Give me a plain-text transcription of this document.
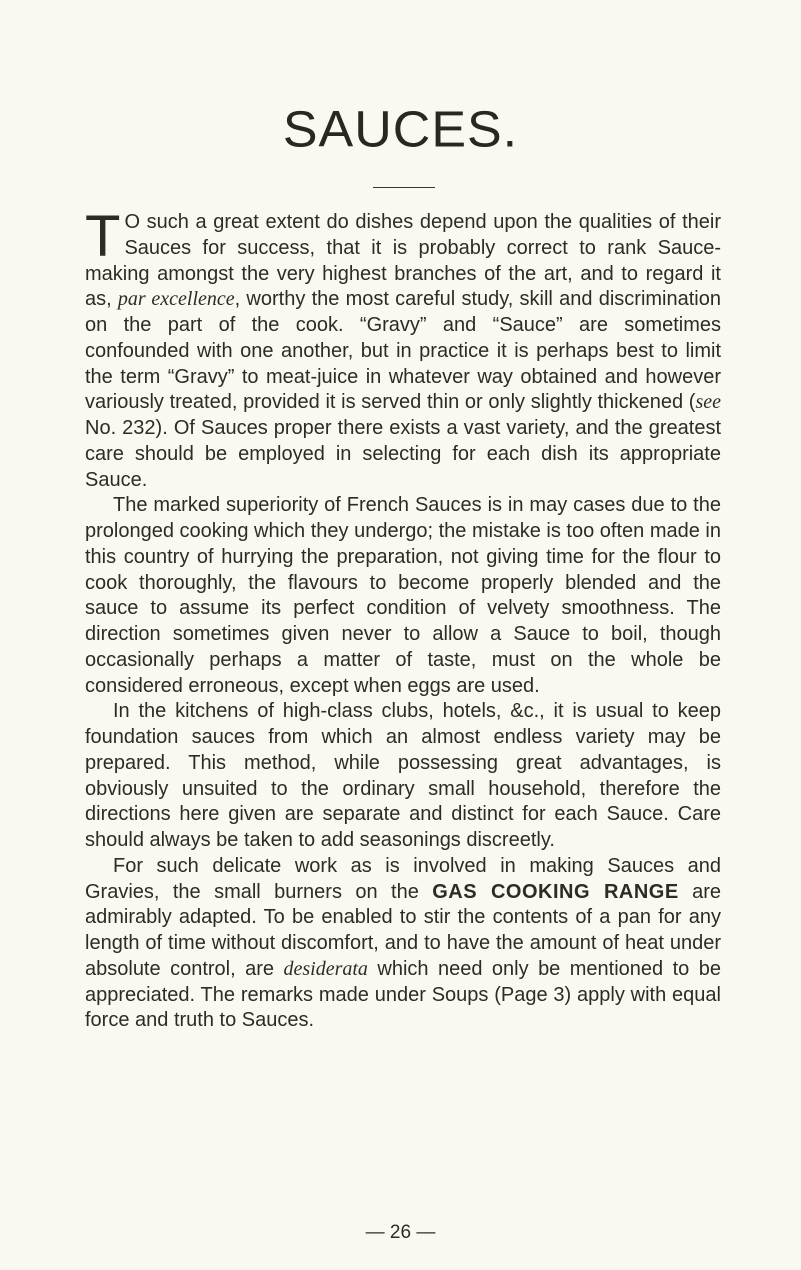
SAUCES.

T O such a great extent do dishes depend upon the qualities of their Sauces for success, that it is probably correct to rank Sauce-making amongst the very highest branches of the art, and to regard it as, par excellence, worthy the most careful study, skill and discrimination on the part of the cook. “Gravy” and “Sauce” are sometimes confounded with one another, but in practice it is perhaps best to limit the term “Gravy” to meat-juice in whatever way obtained and however variously treated, provided it is served thin or only slightly thickened (see No. 232). Of Sauces proper there exists a vast variety, and the greatest care should be employed in selecting for each dish its appropriate Sauce.

The marked superiority of French Sauces is in may cases due to the prolonged cooking which they undergo; the mistake is too often made in this country of hurrying the preparation, not giving time for the flour to cook thoroughly, the flavours to become properly blended and the sauce to assume its perfect condition of velvety smoothness. The direction sometimes given never to allow a Sauce to boil, though occasionally perhaps a matter of taste, must on the whole be considered erroneous, except when eggs are used.

In the kitchens of high-class clubs, hotels, &c., it is usual to keep foundation sauces from which an almost endless variety may be prepared. This method, while possessing great advantages, is obviously unsuited to the ordinary small household, therefore the directions here given are separate and distinct for each Sauce. Care should always be taken to add seasonings discreetly.

For such delicate work as is involved in making Sauces and Gravies, the small burners on the GAS COOKING RANGE are admirably adapted. To be enabled to stir the contents of a pan for any length of time without discomfort, and to have the amount of heat under absolute control, are desiderata which need only be mentioned to be appreciated. The remarks made under Soups (Page 3) apply with equal force and truth to Sauces.

— 26 —
